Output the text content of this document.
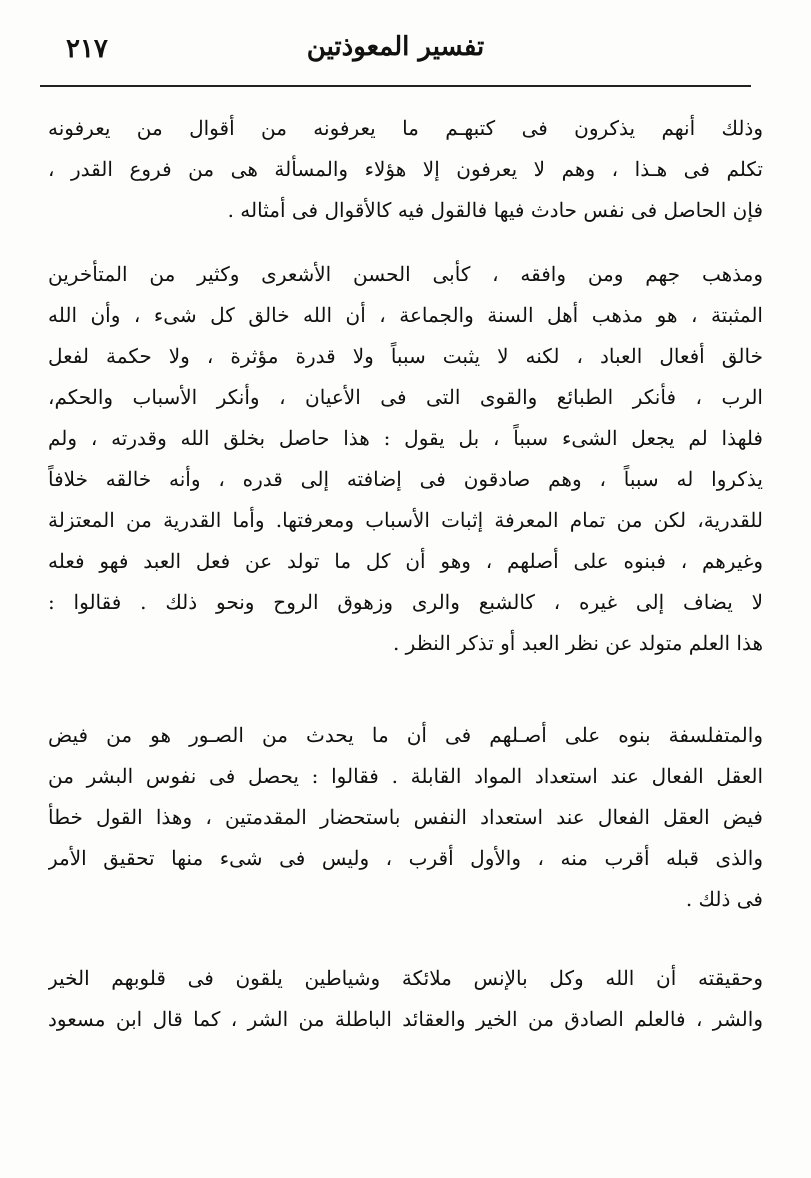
٢١٧	تفسير المعوذتين
وذلك أنهم يذكرون فى كتبهـم ما يعرفونه من أقوال من يعرفونه
تكلم فى هـذا ، وهم لا يعرفون إلا هؤلاء والمسألة هى من فروع القدر ،
فإن الحاصل فى نفس حادث فيها فالقول فيه كالأقوال فى أمثاله .
ومذهب جهم ومن وافقه ، كأبى الحسن الأشعرى وكثير من المتأخرين
المثبتة ، هو مذهب أهل السنة والجماعة ، أن الله خالق كل شىء ، وأن الله
خالق أفعال العباد ، لكنه لا يثبت سبباً ولا قدرة مؤثرة ، ولا حكمة لفعل
الرب ، فأنكر الطبائع والقوى التى فى الأعيان ، وأنكر الأسباب والحكم،
فلهذا لم يجعل الشىء سبباً ، بل يقول : هذا حاصل بخلق الله وقدرته ، ولم
يذكروا له سبباً ، وهم صادقون فى إضافته إلى قدره ، وأنه خالقه خلافاً
للقدرية، لكن من تمام المعرفة إثبات الأسباب ومعرفتها. وأما القدرية من المعتزلة
وغيرهم ، فبنوه على أصلهم ، وهو أن كل ما تولد عن فعل العبد فهو فعله
لا يضاف إلى غيره ، كالشبع والرى وزهوق الروح ونحو ذلك . فقالوا :
هذا العلم متولد عن نظر العبد أو تذكر النظر .
والمتفلسفة بنوه على أصـلهم فى أن ما يحدث من الصـور هو من فيض
العقل الفعال عند استعداد المواد القابلة . فقالوا : يحصل فى نفوس البشر من
فيض العقل الفعال عند استعداد النفس باستحضار المقدمتين ، وهذا القول خطأ
والذى قبله أقرب منه ، والأول أقرب ، وليس فى شىء منها تحقيق الأمر
فى ذلك .
وحقيقته أن الله وكل بالإنس ملائكة وشياطين يلقون فى قلوبهم الخير
والشر ، فالعلم الصادق من الخير والعقائد الباطلة من الشر ، كما قال ابن مسعود
